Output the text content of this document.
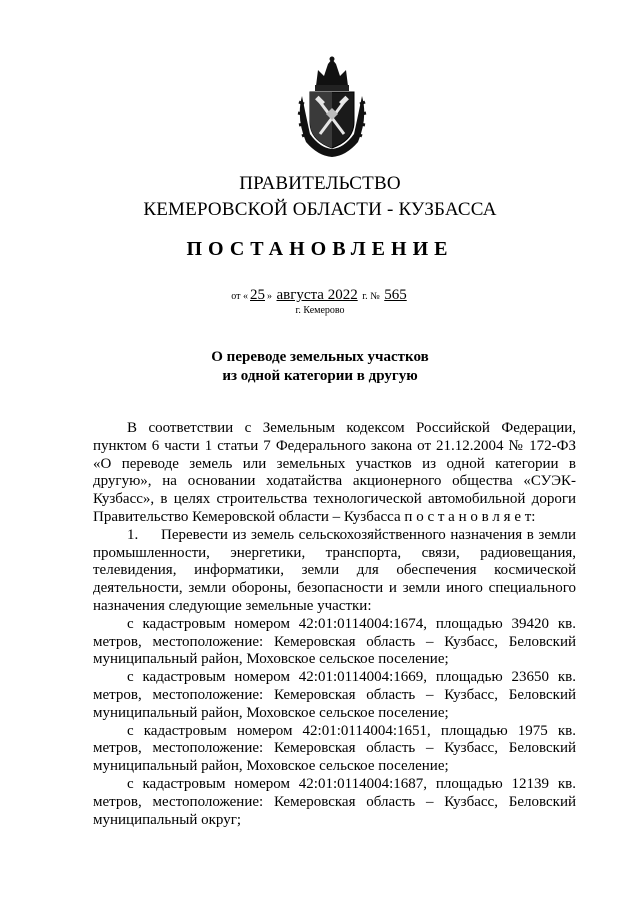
ПРАВИТЕЛЬСТВО
КЕМЕРОВСКОЙ ОБЛАСТИ - КУЗБАССА
ПОСТАНОВЛЕНИЕ
от « 25 » августа 2022 г. № 565
г. Кемерово
О переводе земельных участков
из одной категории в другую

В соответствии с Земельным кодексом Российской Федерации, пунктом 6 части 1 статьи 7 Федерального закона от 21.12.2004 № 172-ФЗ «О переводе земель или земельных участков из одной категории в другую», на основании ходатайства акционерного общества «СУЭК-Кузбасс», в целях строительства технологической автомобильной дороги Правительство Кемеровской области – Кузбасса п о с т а н о в л я е т:

1. Перевести из земель сельскохозяйственного назначения в земли промышленности, энергетики, транспорта, связи, радиовещания, телевидения, информатики, земли для обеспечения космической деятельности, земли обороны, безопасности и земли иного специального назначения следующие земельные участки:

с кадастровым номером 42:01:0114004:1674, площадью 39420 кв. метров, местоположение: Кемеровская область – Кузбасс, Беловский муниципальный район, Моховское сельское поселение;

с кадастровым номером 42:01:0114004:1669, площадью 23650 кв. метров, местоположение: Кемеровская область – Кузбасс, Беловский муниципальный район, Моховское сельское поселение;

с кадастровым номером 42:01:0114004:1651, площадью 1975 кв. метров, местоположение: Кемеровская область – Кузбасс, Беловский муниципальный район, Моховское сельское поселение;

с кадастровым номером 42:01:0114004:1687, площадью 12139 кв. метров, местоположение: Кемеровская область – Кузбасс, Беловский муниципальный округ;
